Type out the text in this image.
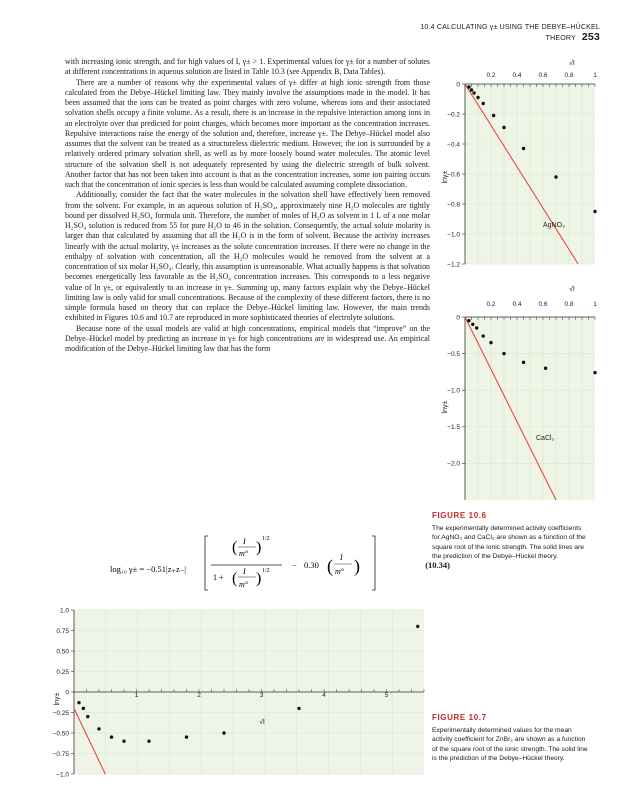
10.4 CALCULATING γ± USING THE DEBYE–HÜCKEL THEORY 253

with increasing ionic strength, and for high values of I, γ± > 1. Experimental values for γ± for a number of solutes at different concentrations in aqueous solution are listed in Table 10.3 (see Appendix B, Data Tables).

There are a number of reasons why the experimental values of γ± differ at high ionic strength from those calculated from the Debye–Hückel limiting law. They mainly involve the assumptions made in the model. It has been assumed that the ions can be treated as point charges with zero volume, whereas ions and their associated solvation shells occupy a finite volume. As a result, there is an increase in the repulsive interaction among ions in an electrolyte over that predicted for point charges, which becomes more important as the concentration increases. Repulsive interactions raise the energy of the solution and, therefore, increase γ±. The Debye–Hückel model also assumes that the solvent can be treated as a structureless dielectric medium. However, the ion is surrounded by a relatively ordered primary solvation shell, as well as by more loosely bound water molecules. The atomic level structure of the solvation shell is not adequately represented by using the dielectric strength of bulk solvent. Another factor that has not been taken into account is that as the concentration increases, some ion pairing occurs such that the concentration of ionic species is less than would be calculated assuming complete dissociation.

Additionally, consider the fact that the water molecules in the solvation shell have effectively been removed from the solvent. For example, in an aqueous solution of H₂SO₄, approximately nine H₂O molecules are tightly bound per dissolved H₂SO₄ formula unit. Therefore, the number of moles of H₂O as solvent in 1 L of a one molar H₂SO₄ solution is reduced from 55 for pure H₂O to 46 in the solution. Consequently, the actual solute molarity is larger than that calculated by assuming that all the H₂O is in the form of solvent. Because the activity increases linearly with the actual molarity, γ± increases as the solute concentration increases. If there were no change in the enthalpy of solvation with concentration, all the H₂O molecules would be removed from the solvent at a concentration of six molar H₂SO₄. Clearly, this assumption is unreasonable. What actually happens is that solvation becomes energetically less favorable as the H₂SO₄ concentration increases. This corresponds to a less negative value of ln γ±, or equivalently to an increase in γ±. Summing up, many factors explain why the Debye–Hückel limiting law is only valid for small concentrations. Because of the complexity of these different factors, there is no simple formula based on theory that can replace the Debye–Hückel limiting law. However, the main trends exhibited in Figures 10.6 and 10.7 are reproduced in more sophisticated theories of electrolyte solutions.

Because none of the usual models are valid at high concentrations, empirical models that “improve” on the Debye–Hückel model by predicting an increase in γ± for high concentrations are in widespread use. An empirical modification of the Debye–Hückel limiting law that has the form

log₁₀ γ± = −0.51|z₊z₋|
I
m°
( ) 1/2
1 +
I
m°
( ) 1/2
− 0.30 ( I
m° )	(10.34)
0.2	0.4	0.6	0.8	1
0
−0.2
−0.4
−0.6
−0.8
−1.0
−1.2
√I
lnγ±
AgNO₃
0.2	0.4	0.6	0.8	1
0
−0.5
−1.0
−1.5
−2.0
√I
lnγ±
CaCl₂
FIGURE 10.6
The experimentally determined activity coefficients for AgNO₃ and CaCl₂ are shown as a function of the square root of the ionic strength. The solid lines are the prediction of the Debye–Hückel theory.
1	2	3	4	5
1.0
0.75
0.50
0.25
0
−0.25
−0.50
−0.75
−1.0
lnγ±
√I
FIGURE 10.7
Experimentally determined values for the mean activity coefficient for ZnBr₂ are shown as a function of the square root of the ionic strength. The solid line is the prediction of the Debye–Hückel theory.
